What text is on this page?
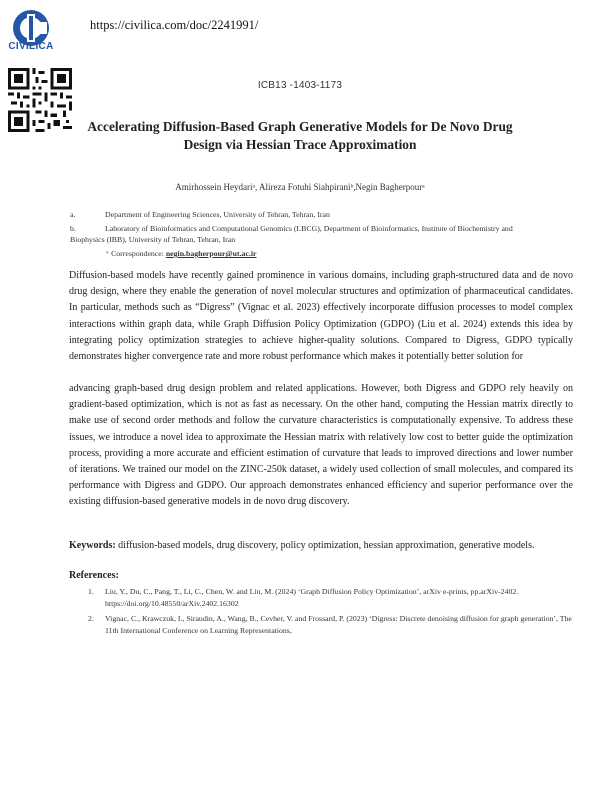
CIVILICA
https://civilica.com/doc/2241991/
ICB13 -1403-1173
Accelerating Diffusion-Based Graph Generative Models for De Novo Drug
Design via Hessian Trace Approximation
Amirhossein Heydariᵃ, Alireza Fotuhi Siahpiraniᵇ,Negin Bagherpourᵃ
a.	Department of Engineering Sciences, University of Tehran, Tehran, Iran
b.	Laboratory of Bioinformatics and Computational Genomics (LBCG), Department of Bioinformatics, Institute of Biochemistry and Biophysics (IBB), University of Tehran, Tehran, Iran
⁺ Correspondence: negin.bagherpour@ut.ac.ir
Diffusion-based models have recently gained prominence in various domains, including graph-structured data and de novo drug design, where they enable the generation of novel molecular structures and optimization of pharmaceutical candidates. In particular, methods such as “Digress” (Vignac et al. 2023) effectively incorporate diffusion processes to model complex interactions within graph data, while Graph Diffusion Policy Optimization (GDPO) (Liu et al. 2024) extends this idea by integrating policy optimization strategies to achieve higher-quality solutions. Compared to Digress, GDPO typically demonstrates higher convergence rate and more robust performance which makes it potentially better solution for
advancing graph-based drug design problem and related applications. However, both Digress and GDPO rely heavily on gradient-based optimization, which is not as fast as necessary. On the other hand, computing the Hessian matrix directly to make use of second order methods and follow the curvature characteristics is computationally expensive. To address these issues, we introduce a novel idea to approximate the Hessian matrix with relatively low cost to better guide the optimization process, providing a more accurate and efficient estimation of curvature that leads to improved directions and lower number of iterations. We trained our model on the ZINC-250k dataset, a widely used collection of small molecules, and compared its performance with Digress and GDPO. Our approach demonstrates enhanced efficiency and superior performance over the existing diffusion-based generative models in de novo drug discovery.
Keywords: diffusion-based models, drug discovery, policy optimization, hessian approximation, generative models.
References:
1. Liu, Y., Du, C., Pang, T., Li, C., Chen, W. and Lin, M. (2024) ‘Graph Diffusion Policy Optimization’, arXiv e-prints, pp.arXiv-2402. https://doi.org/10.48550/arXiv.2402.16302
2. Vignac, C., Krawczuk, I., Siraudin, A., Wang, B., Cevher, V. and Frossard, P. (2023) ‘Digress: Discrete denoising diffusion for graph generation’, The 11th International Conference on Learning Representations,
